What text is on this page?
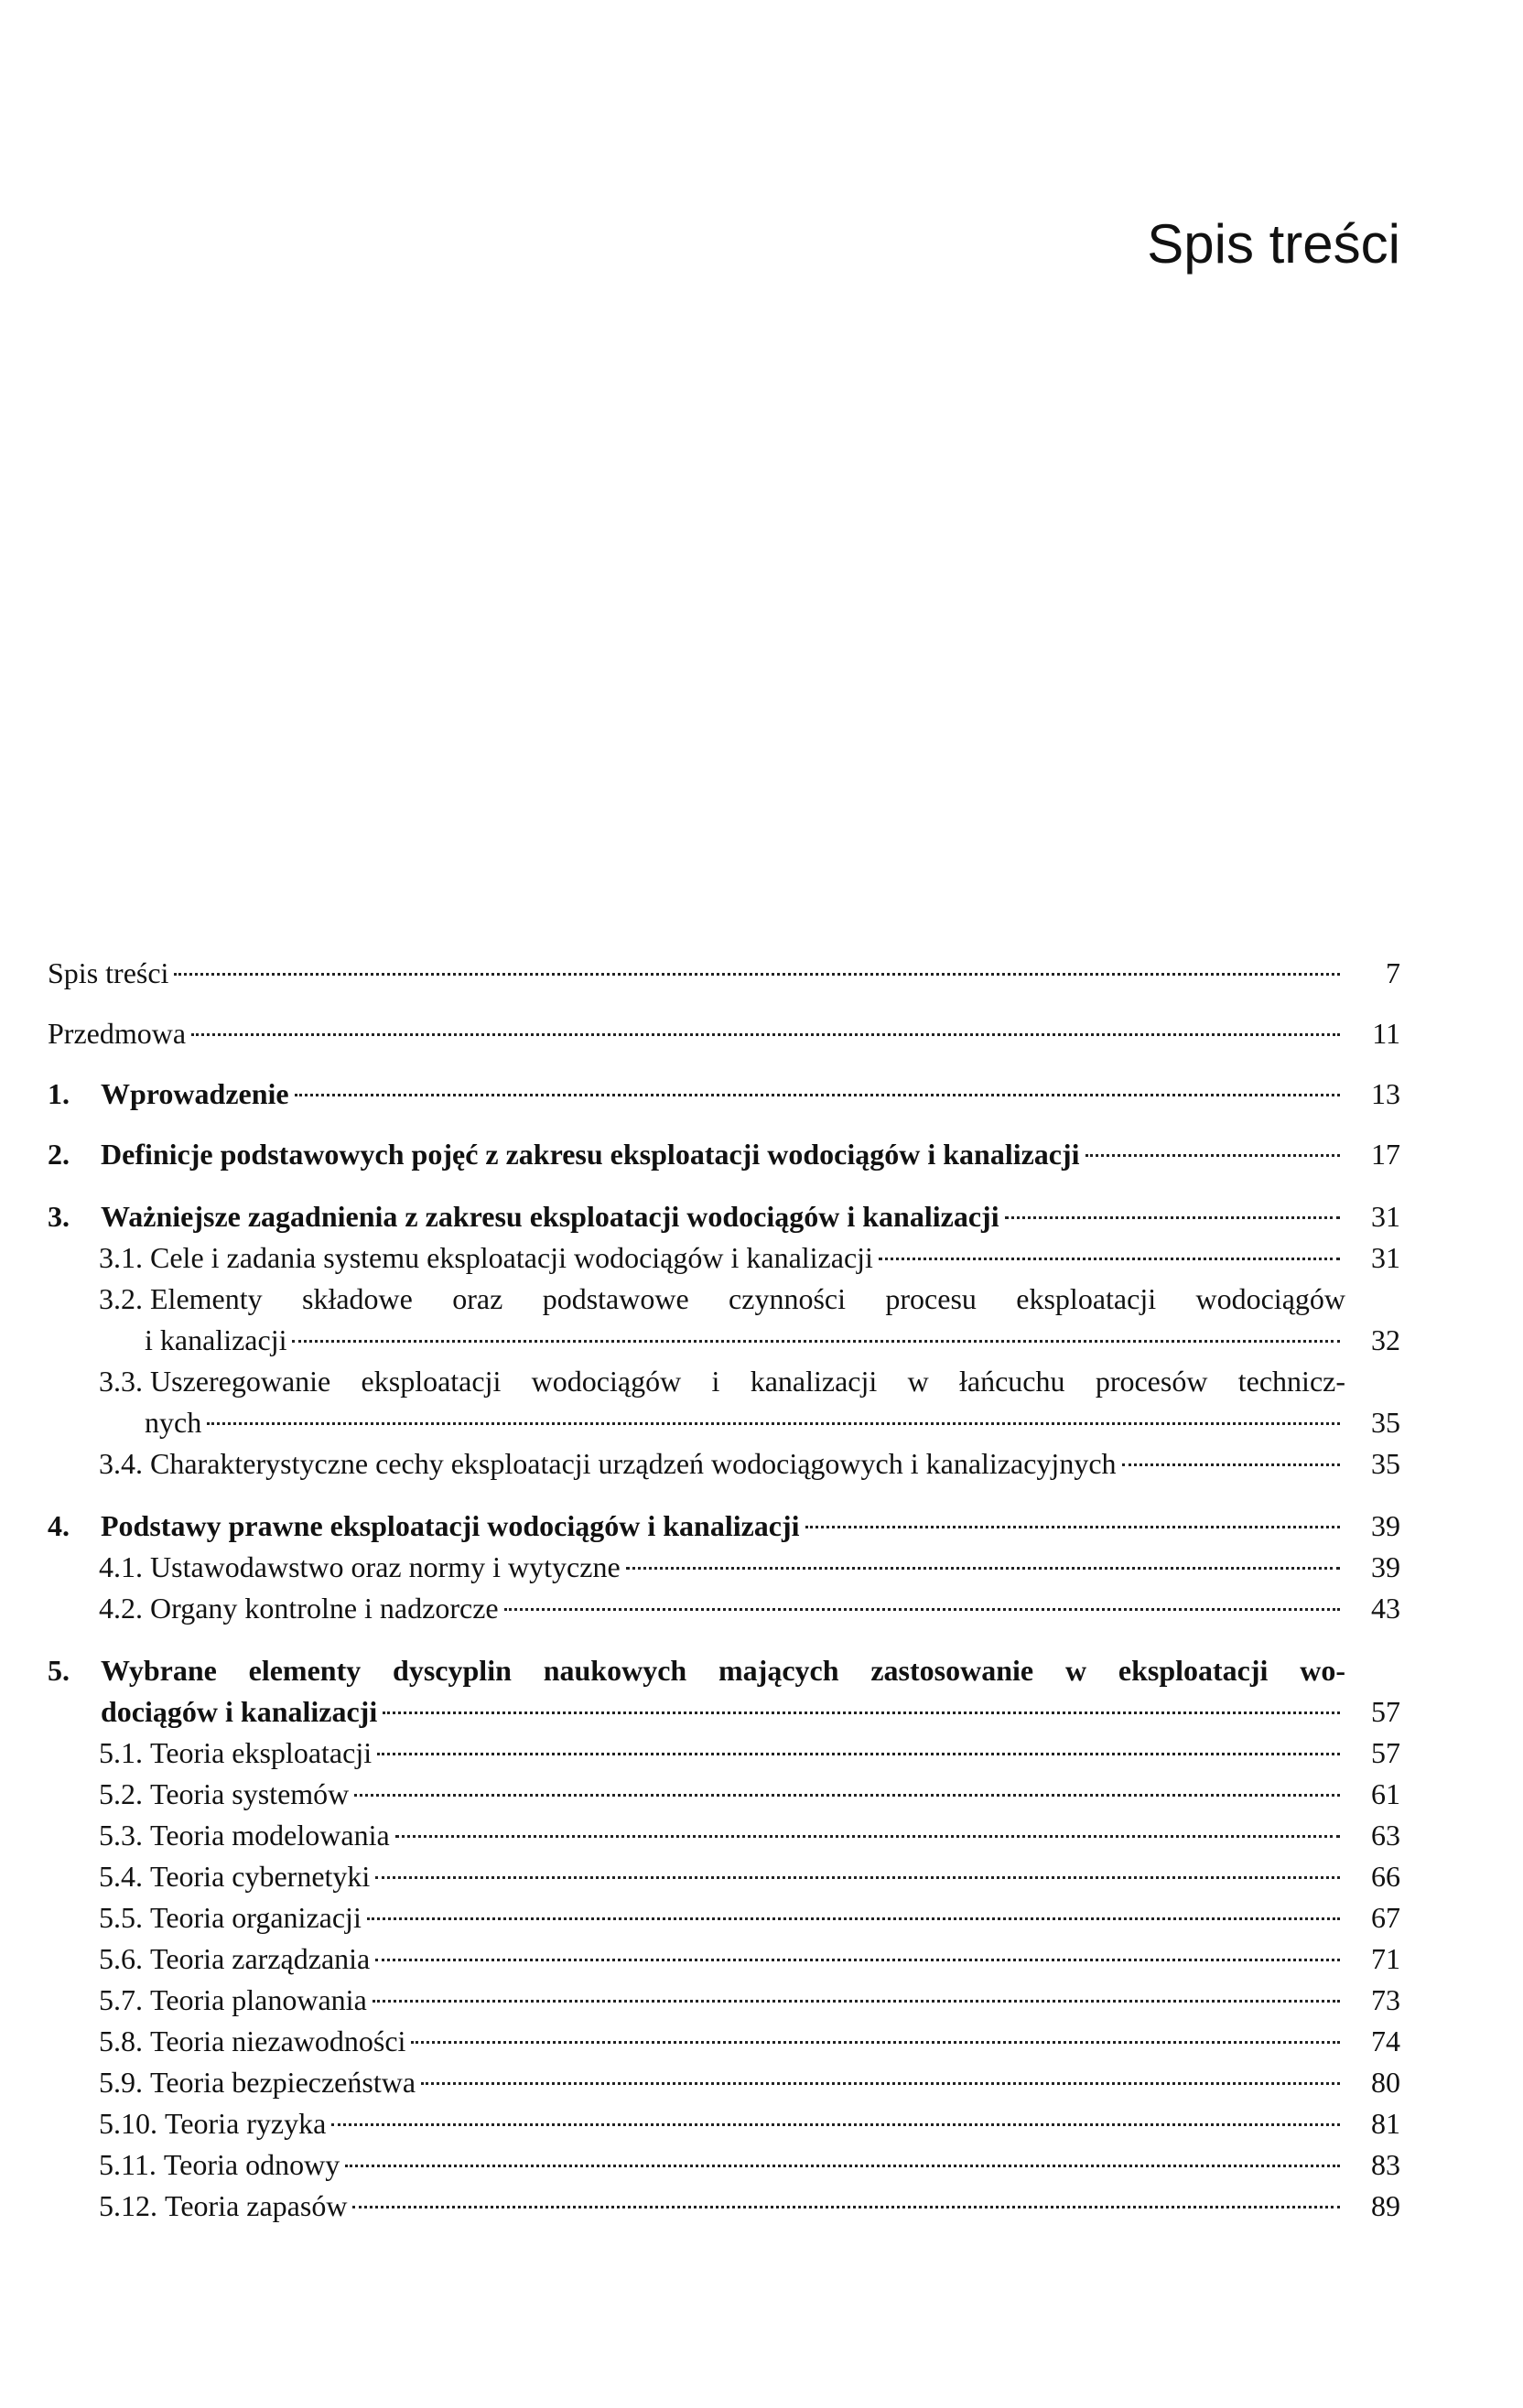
Spis treści
Spis treści	7
Przedmowa	11
1.	Wprowadzenie	13
2.	Definicje podstawowych pojęć z zakresu eksploatacji wodociągów i kanalizacji	17
3.	Ważniejsze zagadnienia z zakresu eksploatacji wodociągów i kanalizacji	31
3.1. Cele i zadania systemu eksploatacji wodociągów i kanalizacji	31
3.2. Elementy składowe oraz podstawowe czynności procesu eksploatacji wodociągów
i kanalizacji	32
3.3. Uszeregowanie eksploatacji wodociągów i kanalizacji w łańcuchu procesów technicz-
nych	35
3.4. Charakterystyczne cechy eksploatacji urządzeń wodociągowych i kanalizacyjnych	35
4.	Podstawy prawne eksploatacji wodociągów i kanalizacji	39
4.1. Ustawodawstwo oraz normy i wytyczne	39
4.2. Organy kontrolne i nadzorcze	43
5.	Wybrane elementy dyscyplin naukowych mających zastosowanie w eksploatacji wo-
dociągów i kanalizacji	57
5.1. Teoria eksploatacji	57
5.2. Teoria systemów	61
5.3. Teoria modelowania	63
5.4. Teoria cybernetyki	66
5.5. Teoria organizacji	67
5.6. Teoria zarządzania	71
5.7. Teoria planowania	73
5.8. Teoria niezawodności	74
5.9. Teoria bezpieczeństwa	80
5.10. Teoria ryzyka	81
5.11. Teoria odnowy	83
5.12. Teoria zapasów	89
